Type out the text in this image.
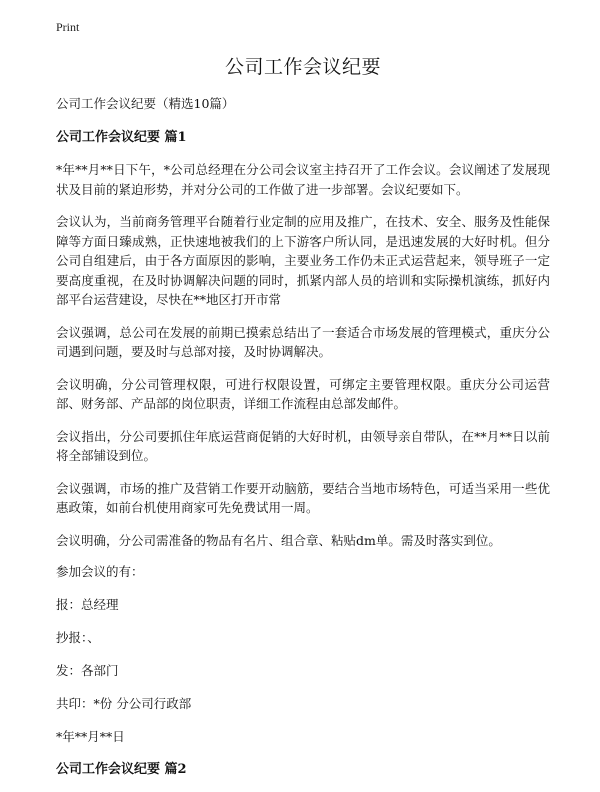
Print
公司工作会议纪要

公司工作会议纪要（精选10篇）

公司工作会议纪要 篇1

*年**月**日下午，*公司总经理在分公司会议室主持召开了工作会议。会议阐述了发展现状及目前的紧迫形势，并对分公司的工作做了进一步部署。会议纪要如下。

会议认为，当前商务管理平台随着行业定制的应用及推广，在技术、安全、服务及性能保障等方面日臻成熟，正快速地被我们的上下游客户所认同，是迅速发展的大好时机。但分公司自组建后，由于各方面原因的影响，主要业务工作仍未正式运营起来，领导班子一定要高度重视，在及时协调解决问题的同时，抓紧内部人员的培训和实际操机演练，抓好内部平台运营建设，尽快在**地区打开市常

会议强调，总公司在发展的前期已摸索总结出了一套适合市场发展的管理模式，重庆分公司遇到问题，要及时与总部对接，及时协调解决。

会议明确，分公司管理权限，可进行权限设置，可绑定主要管理权限。重庆分公司运营部、财务部、产品部的岗位职责，详细工作流程由总部发邮件。

会议指出，分公司要抓住年底运营商促销的大好时机，由领导亲自带队，在**月**日以前将全部铺设到位。

会议强调，市场的推广及营销工作要开动脑筋，要结合当地市场特色，可适当采用一些优惠政策，如前台机使用商家可先免费试用一周。

会议明确，分公司需准备的物品有名片、组合章、粘贴dm单。需及时落实到位。

参加会议的有：

报：总经理

抄报：、

发：各部门

共印：*份 分公司行政部

*年**月**日

公司工作会议纪要 篇2
